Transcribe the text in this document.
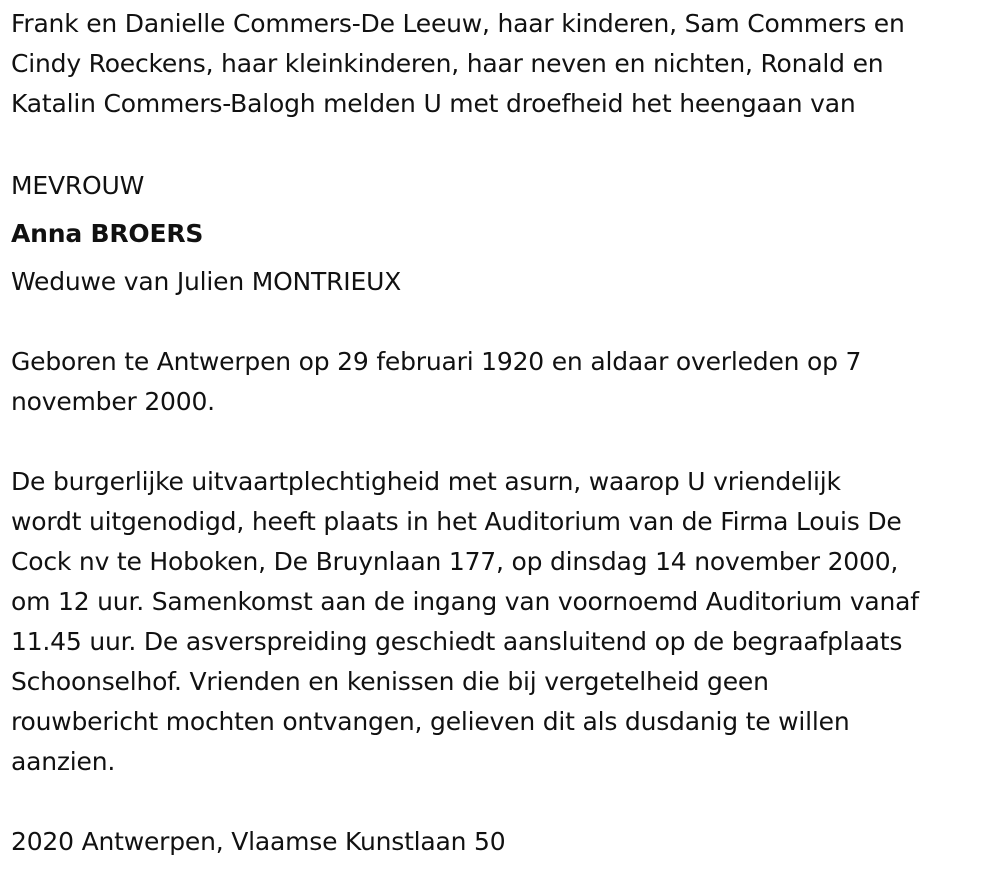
Frank en Danielle Commers-De Leeuw, haar kinderen, Sam Commers en
Cindy Roeckens, haar kleinkinderen, haar neven en nichten, Ronald en
Katalin Commers-Balogh melden U met droefheid het heengaan van

MEVROUW

Anna BROERS

Weduwe van Julien MONTRIEUX

Geboren te Antwerpen op 29 februari 1920 en aldaar overleden op 7
november 2000.

De burgerlijke uitvaartplechtigheid met asurn, waarop U vriendelijk
wordt uitgenodigd, heeft plaats in het Auditorium van de Firma Louis De
Cock nv te Hoboken, De Bruynlaan 177, op dinsdag 14 november 2000,
om 12 uur. Samenkomst aan de ingang van voornoemd Auditorium vanaf
11.45 uur. De asverspreiding geschiedt aansluitend op de begraafplaats
Schoonselhof. Vrienden en kenissen die bij vergetelheid geen
rouwbericht mochten ontvangen, gelieven dit als dusdanig te willen
aanzien.

2020 Antwerpen, Vlaamse Kunstlaan 50
